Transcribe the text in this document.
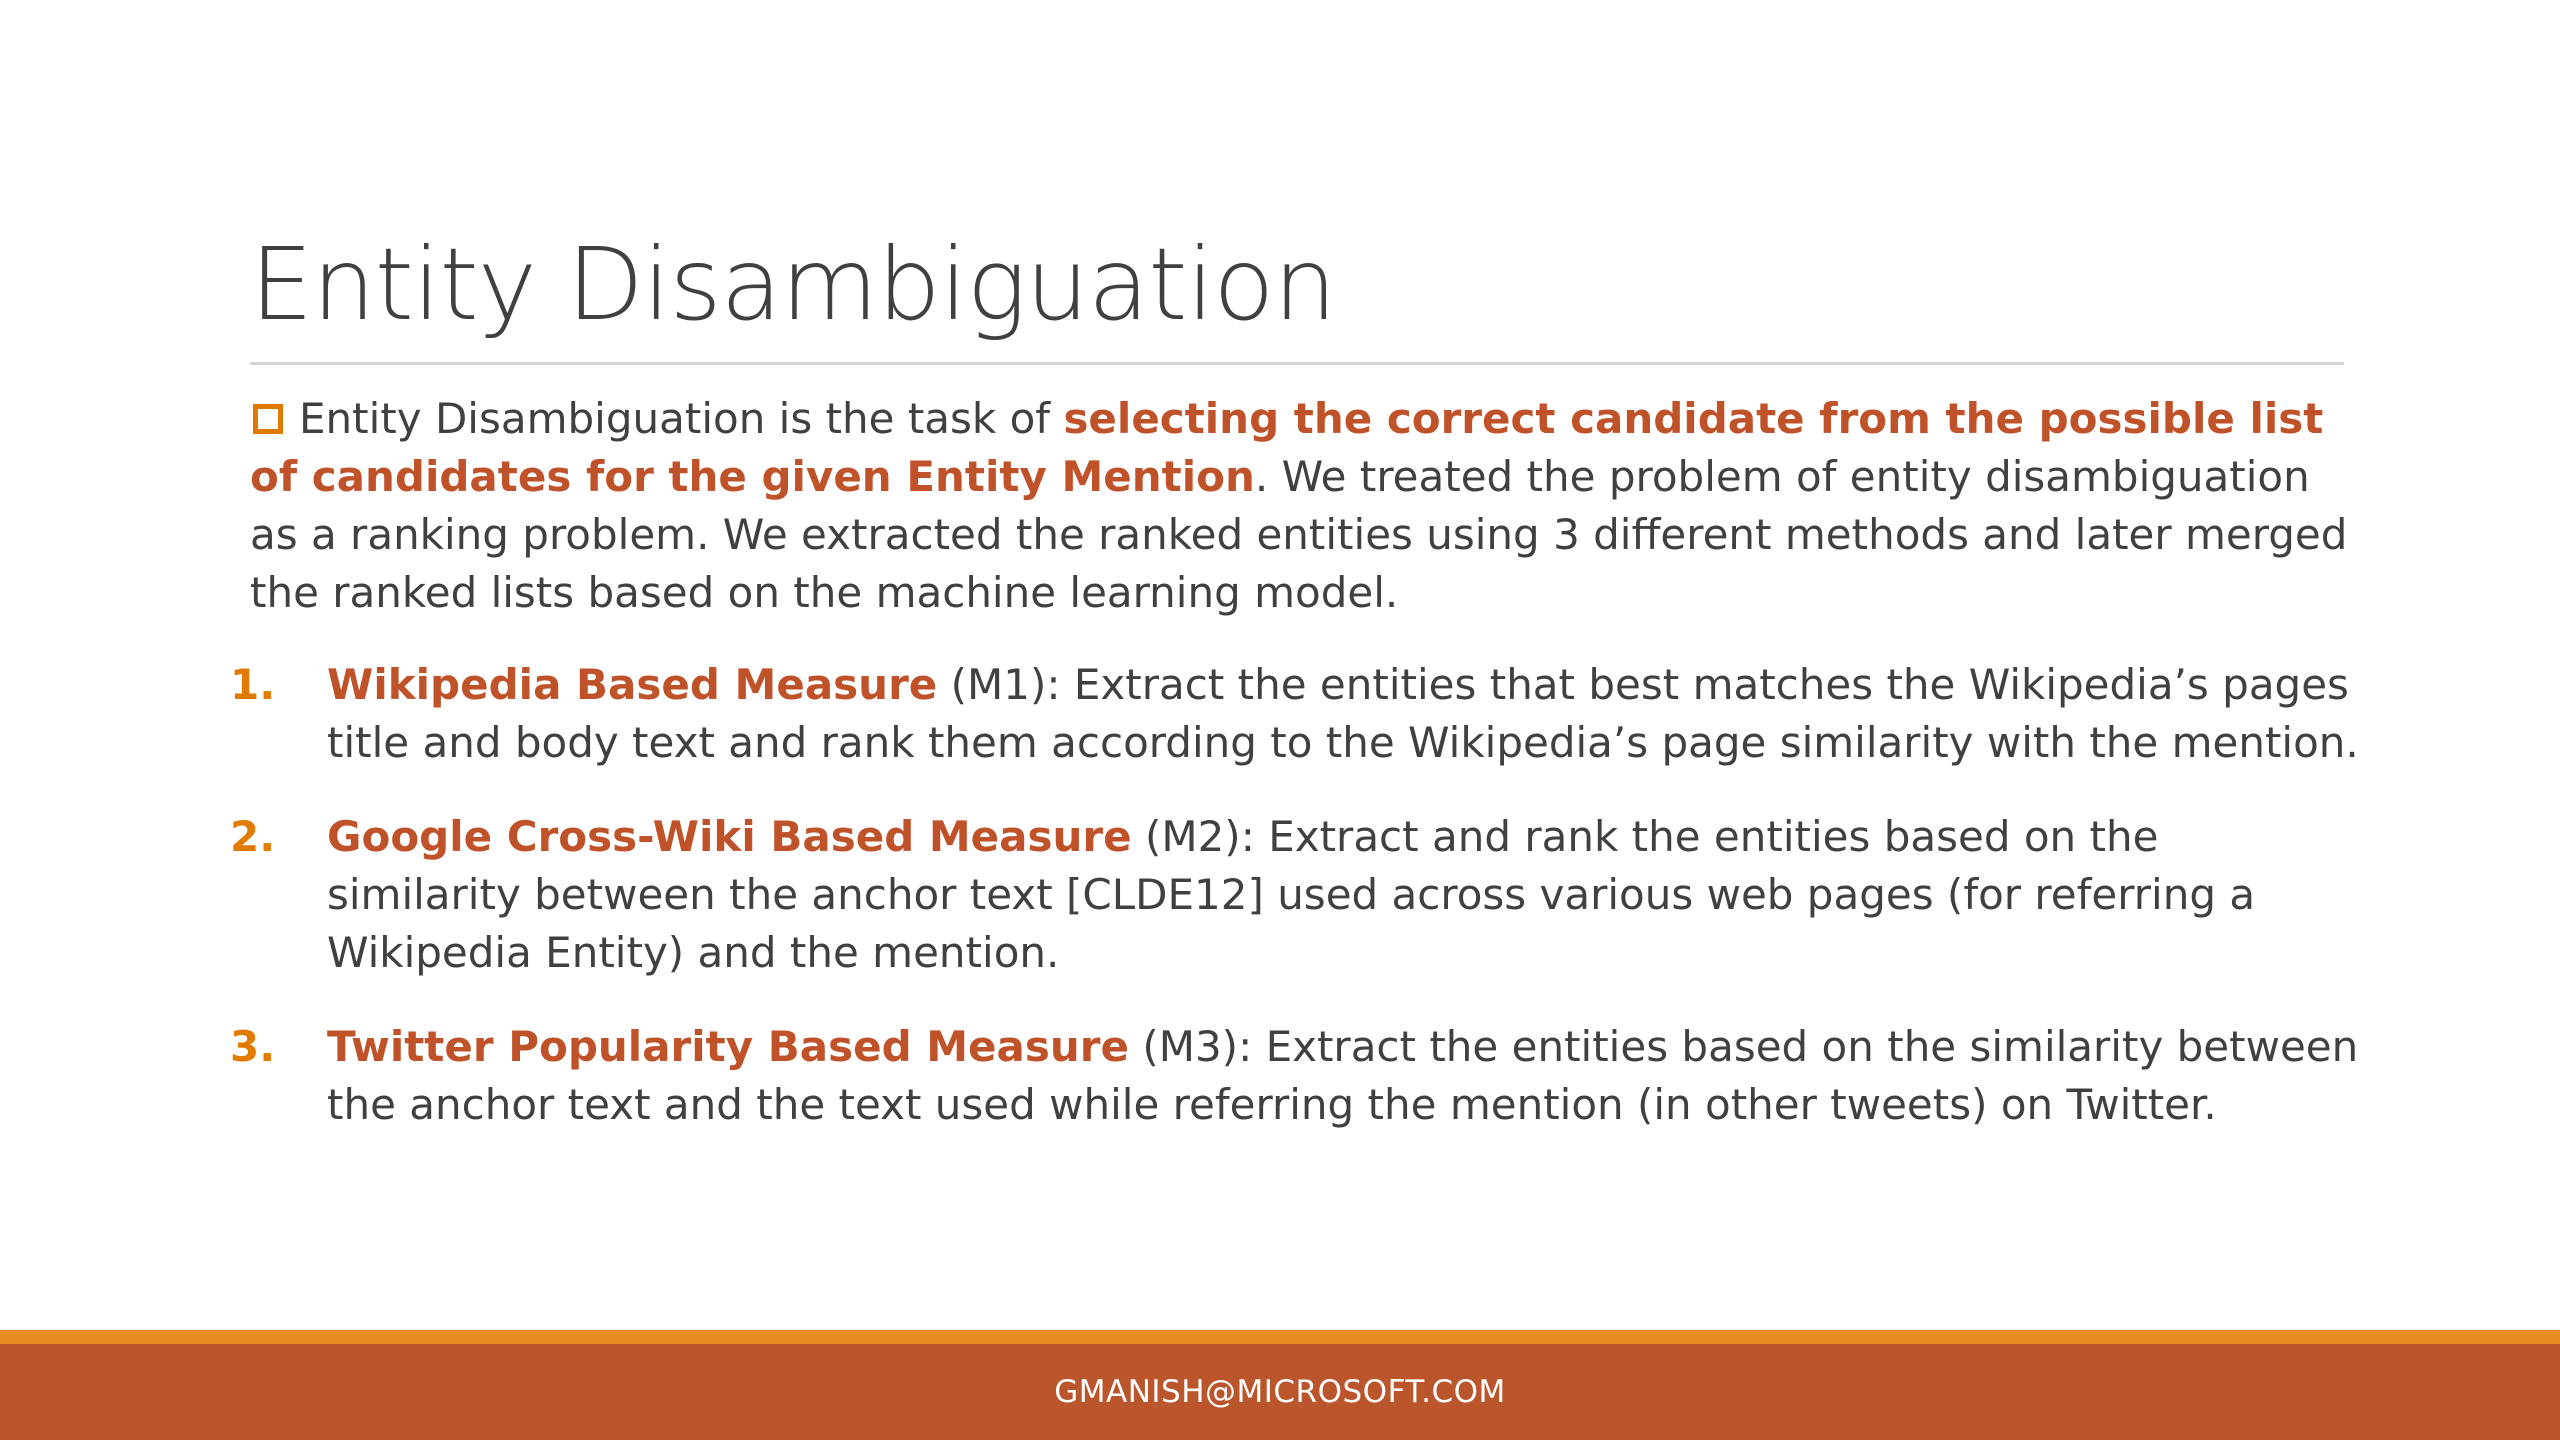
Entity Disambiguation
Entity Disambiguation is the task of selecting the correct candidate from the possible list of candidates for the given Entity Mention. We treated the problem of entity disambiguation as a ranking problem. We extracted the ranked entities using 3 different methods and later merged the ranked lists based on the machine learning model.
1.	Wikipedia Based Measure (M1): Extract the entities that best matches the Wikipedia’s pages title and body text and rank them according to the Wikipedia’s page similarity with the mention.
2.	Google Cross-Wiki Based Measure (M2): Extract and rank the entities based on the similarity between the anchor text [CLDE12] used across various web pages (for referring a Wikipedia Entity) and the mention.
3.	Twitter Popularity Based Measure (M3): Extract the entities based on the similarity between the anchor text and the text used while referring the mention (in other tweets) on Twitter.
GMANISH@MICROSOFT.COM
